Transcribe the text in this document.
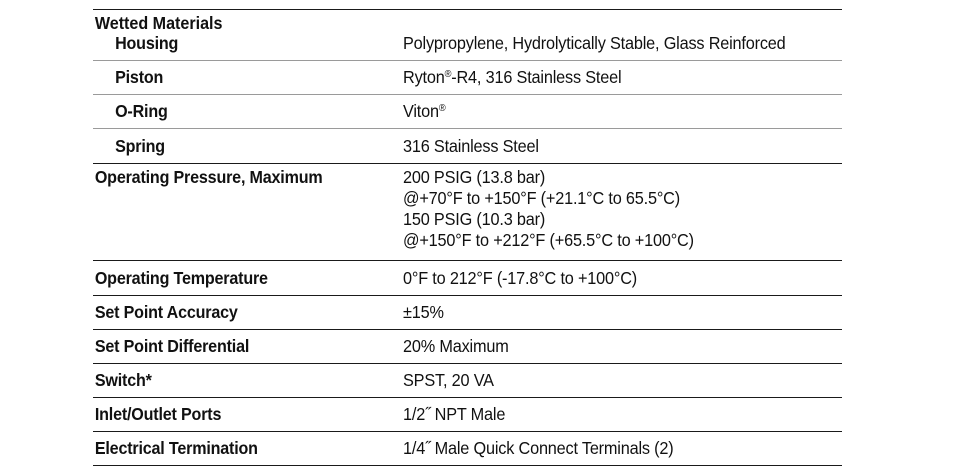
Wetted Materials
Housing	Polypropylene, Hydrolytically Stable, Glass Reinforced
Piston	Ryton®-R4, 316 Stainless Steel
O-Ring	Viton®
Spring	316 Stainless Steel
Operating Pressure, Maximum	200 PSIG (13.8 bar)
@+70°F to +150°F (+21.1°C to 65.5°C)
150 PSIG (10.3 bar)
@+150°F to +212°F (+65.5°C to +100°C)
Operating Temperature	0°F to 212°F (-17.8°C to +100°C)
Set Point Accuracy	±15%
Set Point Differential	20% Maximum
Switch*	SPST, 20 VA
Inlet/Outlet Ports	1/2˝ NPT Male
Electrical Termination	1/4˝ Male Quick Connect Terminals (2)
